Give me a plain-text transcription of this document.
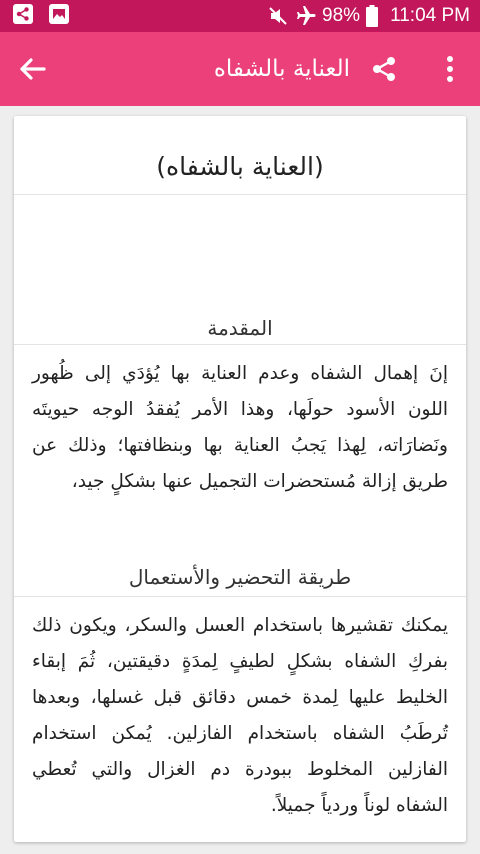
98% 11:04 PM
العناية بالشفاه
(العناية بالشفاه)
المقدمة
إنَ إهمال الشفاه وعدم العناية بها يُؤدَي إلى ظُهور اللون الأسود حولَها، وهذا الأمر يُفقدُ الوجه حيويتَه ونَضارَاته، لِهذا يَجبُ العناية بها وبنظافتها؛ وذلك عن طريق إزالة مُستحضرات التجميل عنها بشكلٍ جيد،
طريقة التحضير والأستعمال
يمكنك تقشيرها باستخدام العسل والسكر، ويكون ذلك بفركِ الشفاه بشكلٍ لطيفٍ لِمدَةٍ دقيقتين، ثُمَ إبقاء الخليط عليها لِمدة خمس دقائق قبل غسلها، وبعدها تُرطَبُ الشفاه باستخدام الفازلين. يُمكن استخدام الفازلين المخلوط ببودرة دم الغزال والتي تُعطي الشفاه لوناً وردياً جميلاً.
